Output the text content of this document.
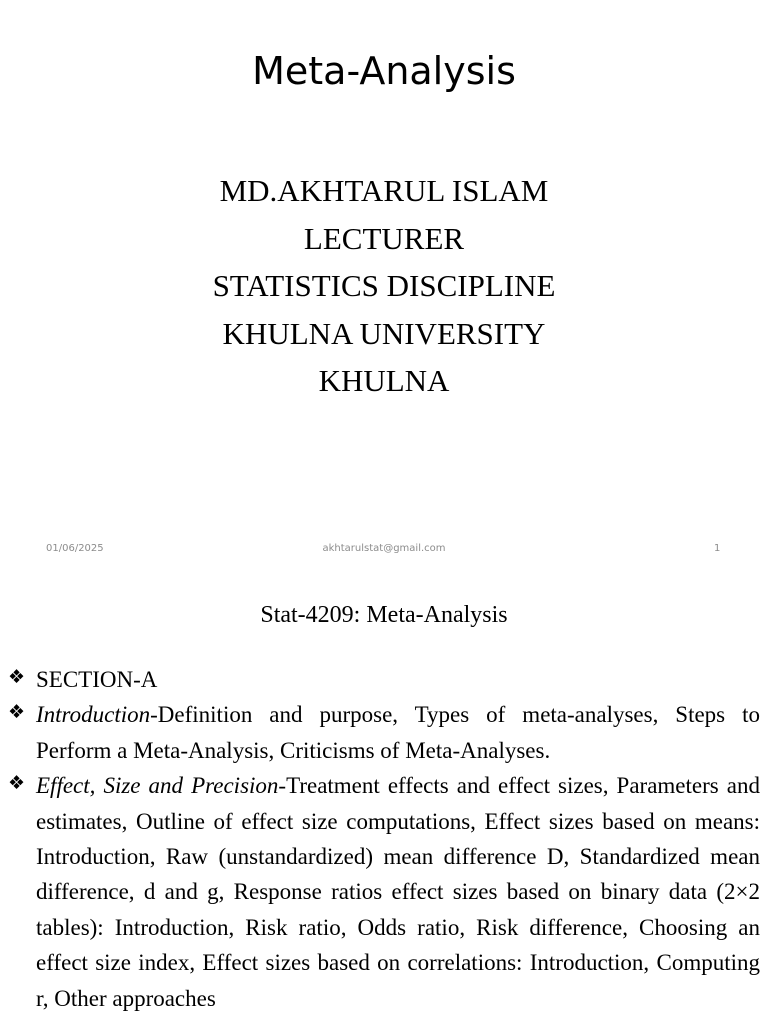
Meta-Analysis
MD.AKHTARUL ISLAM
LECTURER
STATISTICS DISCIPLINE
KHULNA UNIVERSITY
KHULNA
01/06/2025	akhtarulstat@gmail.com	1
Stat-4209: Meta-Analysis
❖ SECTION-A
❖ Introduction-Definition and purpose, Types of meta-analyses, Steps to Perform a Meta-Analysis, Criticisms of Meta-Analyses.
❖ Effect, Size and Precision-Treatment effects and effect sizes, Parameters and estimates, Outline of effect size computations, Effect sizes based on means: Introduction, Raw (unstandardized) mean difference D, Standardized mean difference, d and g, Response ratios effect sizes based on binary data (2×2 tables): Introduction, Risk ratio, Odds ratio, Risk difference, Choosing an effect size index, Effect sizes based on correlations: Introduction, Computing r, Other approaches
